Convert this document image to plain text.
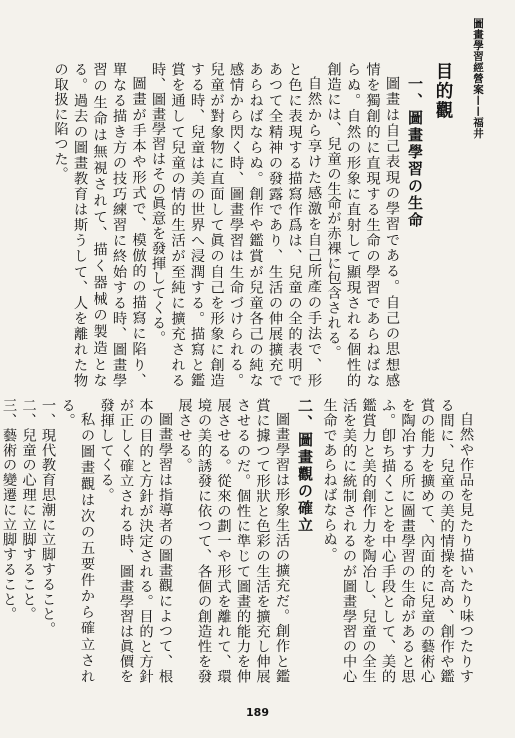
圖畫學習經營案——福井
目的觀
一、圖畫學習の生命

圖畫は自己表現の學習である。自己の思想感情を獨創的に直現する生命の學習であらねばならぬ。自然の形象に直射して顯現される個性的創造には、兒童の生命が赤裸に包含される。

自然から享けた感激を自己所產の手法で、形と色に表現する描寫作爲は、兒童の全的表明であつて全精神の發露であり、生活の伸展擴充であらねばならぬ。創作や鑑賞が兒童各己の純な感情から閃く時、圖畫學習は生命づけられる。兒童が對象物に直面して眞の自己を形象に創造する時、兒童は美の世界へ浸潤する。描寫と鑑賞を通して兒童の情的生活が至純に擴充される時、圖畫學習はその眞意を發揮してくる。

圖畫が手本や形式で、模倣的の描寫に陷り、單なる描き方の技巧練習に終始する時、圖畫學習の生命は無視されて、描く器械の製造となる。過去の圖畫教育は斯うして、人を離れた物の取扱に陷つた。

自然や作品を見たり描いたり味つたりする間に、兒童の美的情操を高め、創作や鑑賞の能力を擴めて、內面的に兒童の藝術心を陶冶する所に圖畫學習の生命があると思ふ。卽ち描くことを中心手段として、美的鑑賞力と美的創作力を陶冶し、兒童の全生活を美的に統制されるのが圖畫學習の中心生命であらねばならぬ。

二、圖畫觀の確立

圖畫學習は形象生活の擴充だ。創作と鑑賞に據つて形狀と色彩の生活を擴充し伸展させるのだ。個性に準じて圖畫的能力を伸展させる。從來の劃一や形式を離れて、環境の美的誘發に依つて、各個の創造性を發展させる。

圖畫學習は指導者の圖畫觀によつて、根本の目的と方針が決定される。目的と方針が正しく確立される時、圖畫學習は眞價を發揮してくる。

私の圖畫觀は次の五要件から確立される。

一、現代教育思潮に立脚すること。

二、兒童の心理に立脚すること。

三、藝術の變遷に立脚すること。

189
